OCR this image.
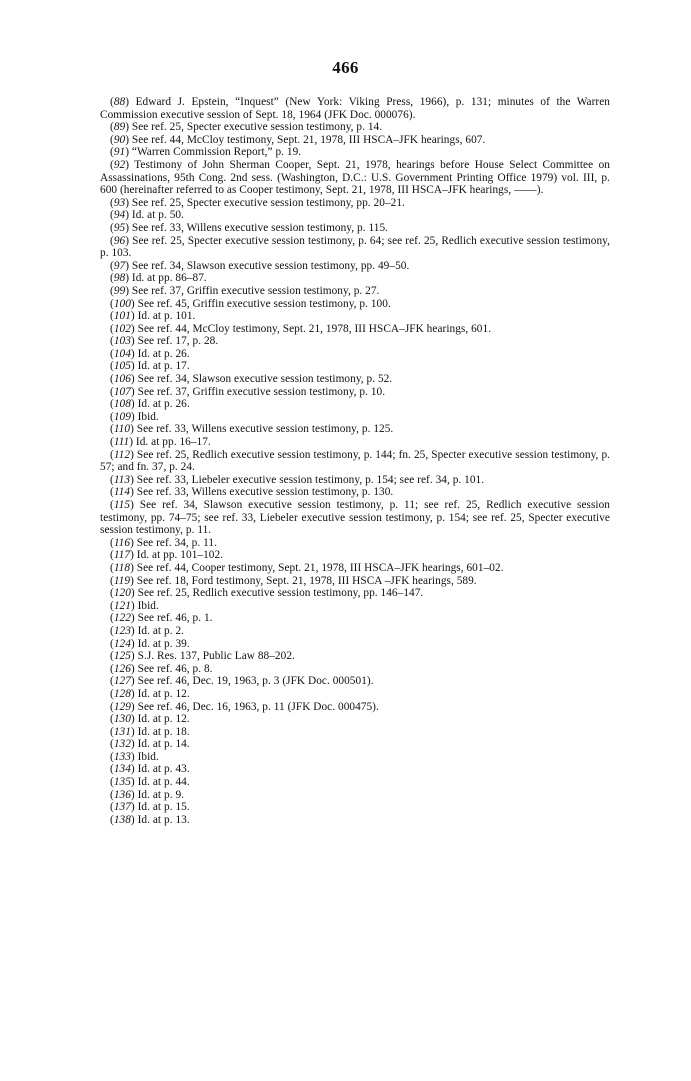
466

(88) Edward J. Epstein, “Inquest” (New York: Viking Press, 1966), p. 131; minutes of the Warren Commission executive session of Sept. 18, 1964 (JFK Doc. 000076).

(89) See ref. 25, Specter executive session testimony, p. 14.

(90) See ref. 44, McCloy testimony, Sept. 21, 1978, III HSCA–JFK hearings, 607.

(91) “Warren Commission Report,” p. 19.

(92) Testimony of John Sherman Cooper, Sept. 21, 1978, hearings before House Select Committee on Assassinations, 95th Cong. 2nd sess. (Washington, D.C.: U.S. Government Printing Office 1979) vol. III, p. 600 (hereinafter referred to as Cooper testimony, Sept. 21, 1978, III HSCA–JFK hearings, ——).

(93) See ref. 25, Specter executive session testimony, pp. 20–21.

(94) Id. at p. 50.

(95) See ref. 33, Willens executive session testimony, p. 115.

(96) See ref. 25, Specter executive session testimony, p. 64; see ref. 25, Redlich executive session testimony, p. 103.

(97) See ref. 34, Slawson executive session testimony, pp. 49–50.

(98) Id. at pp. 86–87.

(99) See ref. 37, Griffin executive session testimony, p. 27.

(100) See ref. 45, Griffin executive session testimony, p. 100.

(101) Id. at p. 101.

(102) See ref. 44, McCloy testimony, Sept. 21, 1978, III HSCA–JFK hearings, 601.

(103) See ref. 17, p. 28.

(104) Id. at p. 26.

(105) Id. at p. 17.

(106) See ref. 34, Slawson executive session testimony, p. 52.

(107) See ref. 37, Griffin executive session testimony, p. 10.

(108) Id. at p. 26.

(109) Ibid.

(110) See ref. 33, Willens executive session testimony, p. 125.

(111) Id. at pp. 16–17.

(112) See ref. 25, Redlich executive session testimony, p. 144; fn. 25, Specter executive session testimony, p. 57; and fn. 37, p. 24.

(113) See ref. 33, Liebeler executive session testimony, p. 154; see ref. 34, p. 101.

(114) See ref. 33, Willens executive session testimony, p. 130.

(115) See ref. 34, Slawson executive session testimony, p. 11; see ref. 25, Redlich executive session testimony, pp. 74–75; see ref. 33, Liebeler executive session testimony, p. 154; see ref. 25, Specter executive session testimony, p. 11.

(116) See ref. 34, p. 11.

(117) Id. at pp. 101–102.

(118) See ref. 44, Cooper testimony, Sept. 21, 1978, III HSCA–JFK hearings, 601–02.

(119) See ref. 18, Ford testimony, Sept. 21, 1978, III HSCA –JFK hearings, 589.

(120) See ref. 25, Redlich executive session testimony, pp. 146–147.

(121) Ibid.

(122) See ref. 46, p. 1.

(123) Id. at p. 2.

(124) Id. at p. 39.

(125) S.J. Res. 137, Public Law 88–202.

(126) See ref. 46, p. 8.

(127) See ref. 46, Dec. 19, 1963, p. 3 (JFK Doc. 000501).

(128) Id. at p. 12.

(129) See ref. 46, Dec. 16, 1963, p. 11 (JFK Doc. 000475).

(130) Id. at p. 12.

(131) Id. at p. 18.

(132) Id. at p. 14.

(133) Ibid.

(134) Id. at p. 43.

(135) Id. at p. 44.

(136) Id. at p. 9.

(137) Id. at p. 15.

(138) Id. at p. 13.
